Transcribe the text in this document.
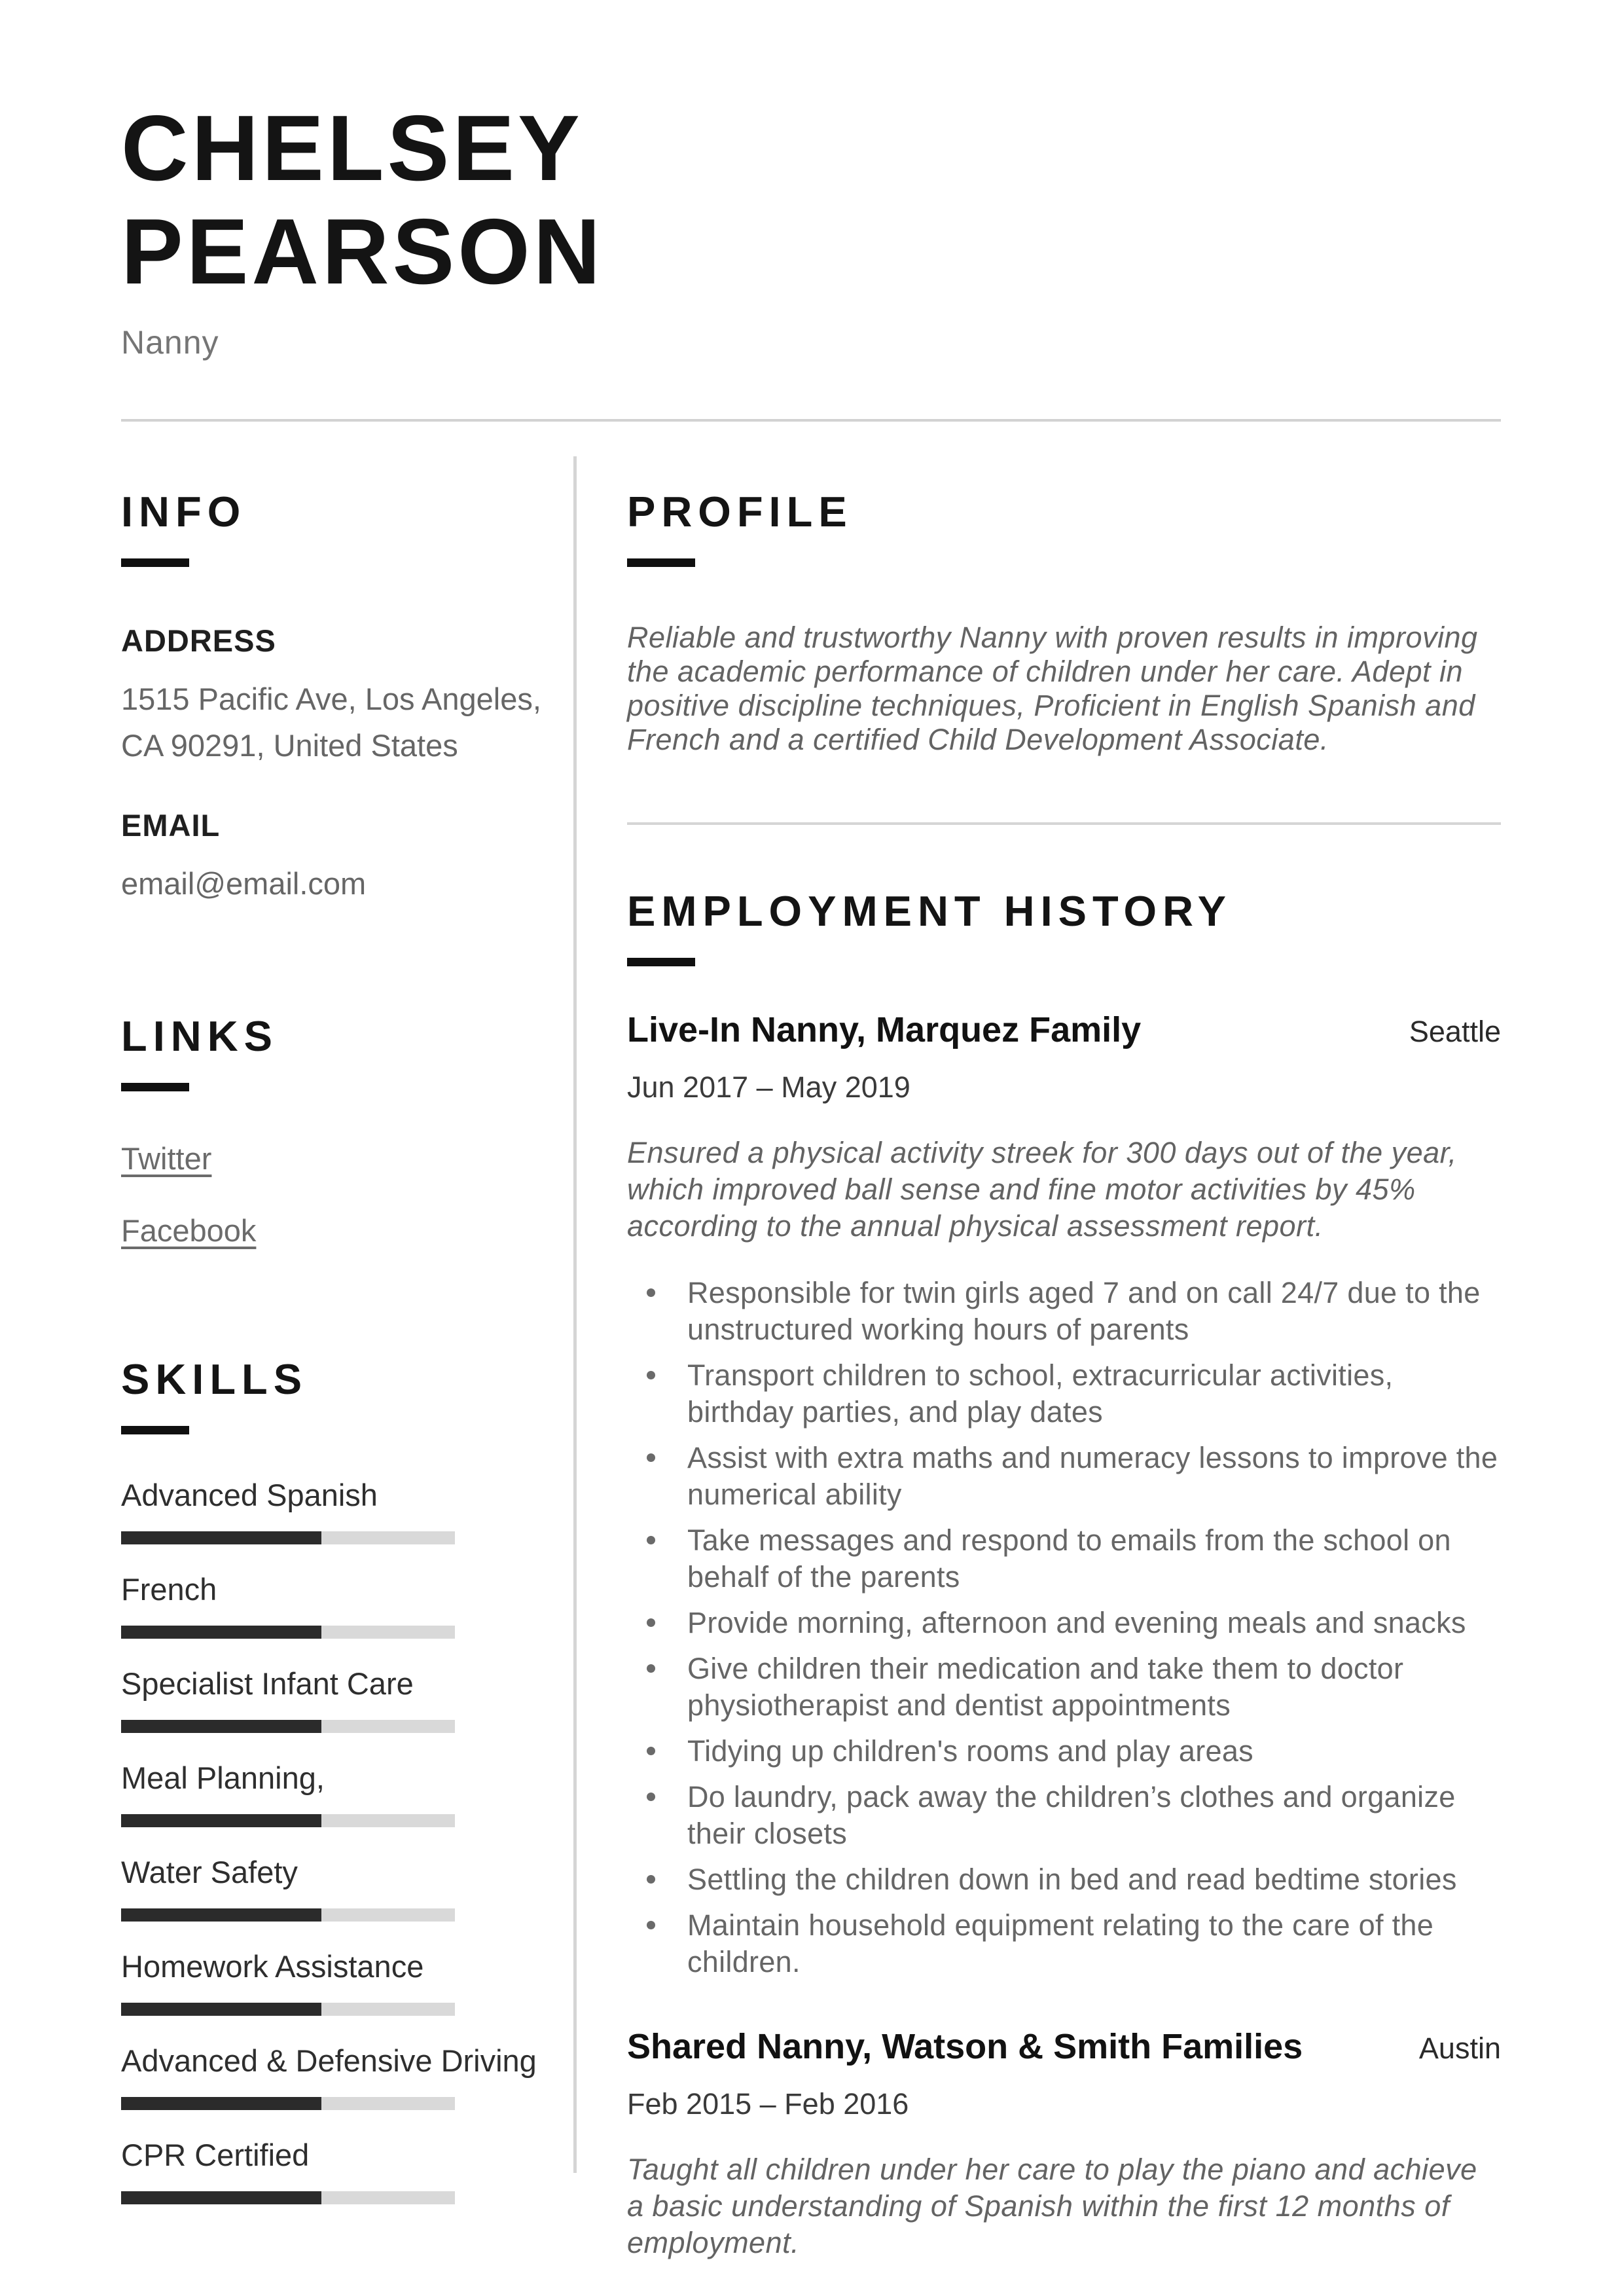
CHELSEY
PEARSON
Nanny
INFO
ADDRESS
1515 Pacific Ave, Los Angeles,
CA 90291, United States
EMAIL
email@email.com
LINKS
Twitter
Facebook
SKILLS
Advanced Spanish
French
Specialist Infant Care
Meal Planning,
Water Safety
Homework Assistance
Advanced & Defensive Driving
CPR Certified
PROFILE

Reliable and trustworthy Nanny with proven results in improving the academic performance of children under her care. Adept in positive discipline techniques, Proficient in English Spanish and French and a certified Child Development Associate.

EMPLOYMENT HISTORY
Live-In Nanny, Marquez Family	Seattle
Jun 2017 – May 2019

Ensured a physical activity streek for 300 days out of the year, which improved ball sense and fine motor activities by 45% according to the annual physical assessment report.

Responsible for twin girls aged 7 and on call 24/7 due to the unstructured working hours of parents
Transport children to school, extracurricular activities, birthday parties, and play dates
Assist with extra maths and numeracy lessons to improve the numerical ability
Take messages and respond to emails from the school on behalf of the parents
Provide morning, afternoon and evening meals and snacks
Give children their medication and take them to doctor physiotherapist and dentist appointments
Tidying up children's rooms and play areas
Do laundry, pack away the children’s clothes and organize their closets
Settling the children down in bed and read bedtime stories
Maintain household equipment relating to the care of the children.
Shared Nanny, Watson & Smith Families	Austin
Feb 2015 – Feb 2016

Taught all children under her care to play the piano and achieve a basic understanding of Spanish within the first 12 months of employment.
